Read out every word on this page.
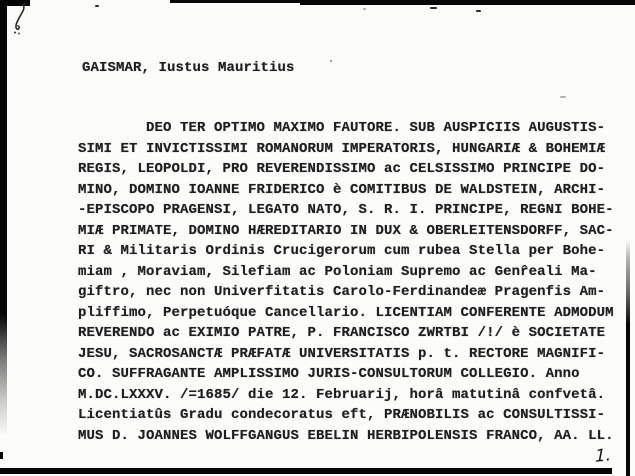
GAISMAR, Iustus Mauritius
DEO TER OPTIMO MAXIMO FAUTORE. SUB AUSPICIIS AUGUSTIS-
SIMI ET INVICTISSIMI ROMANORUM IMPERATORIS, HUNGARIÆ & BOHEMIÆ
REGIS, LEOPOLDI, PRO REVERENDISSIMO ac CELSISSIMO PRINCIPE DO-
MINO, DOMINO IOANNE FRIDERICO è COMITIBUS DE WALDSTEIN, ARCHI-
-EPISCOPO PRAGENSI, LEGATO NATO, S. R. I. PRINCIPE, REGNI BOHE-
MIÆ PRIMATE, DOMINO HÆREDITARIO IN DUX & OBERLEITENSDORFF, SAC-
RI & Militaris Ordinis Crucigerorum cum rubea Stella per Bohe-
miam , Moraviam, Silefiam ac Poloniam Supremo ac Genr̂eali Ma-
giftro, nec non Univerfitatis Carolo-Ferdinandeæ Pragenfis Am-
pliffimo, Perpetuóque Cancellario. LICENTIAM CONFERENTE ADMODUM
REVERENDO ac EXIMIO PATRE, P. FRANCISCO ZWRTBI /!/ è SOCIETATE
JESU, SACROSANCTÆ PRÆFATÆ UNIVERSITATIS p. t. RECTORE MAGNIFI-
CO. SUFFRAGANTE AMPLISSIMO JURIS-CONSULTORUM COLLEGIO. Anno
M.DC.LXXXV. /=1685/ die 12. Februarij, horâ matutinâ confvetâ.
Licentiatûs Gradu condecoratus eft, PRÆNOBILIS ac CONSULTISSI-
MUS D. JOANNES WOLFFGANGUS EBELIN HERBIPOLENSIS FRANCO, AA. LL.
1.
